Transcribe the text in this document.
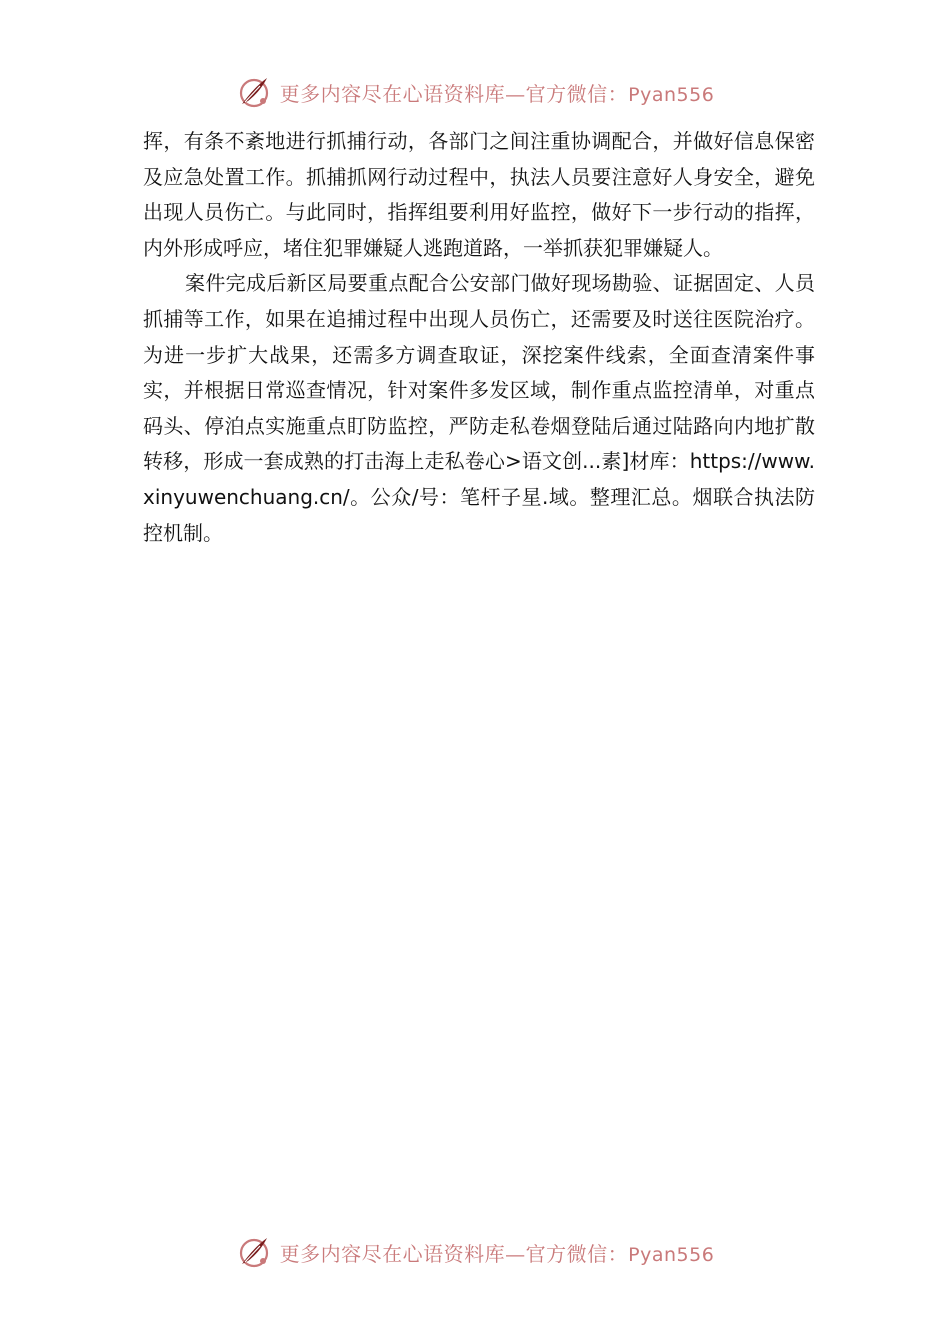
更多内容尽在心语资料库—官方微信：Pyan556

挥，有条不紊地进行抓捕行动，各部门之间注重协调配合，并做好信息保密及应急处置工作。抓捕抓网行动过程中，执法人员要注意好人身安全，避免出现人员伤亡。与此同时，指挥组要利用好监控，做好下一步行动的指挥，内外形成呼应，堵住犯罪嫌疑人逃跑道路，一举抓获犯罪嫌疑人。

案件完成后新区局要重点配合公安部门做好现场勘验、证据固定、人员抓捕等工作，如果在追捕过程中出现人员伤亡，还需要及时送往医院治疗。为进一步扩大战果，还需多方调查取证，深挖案件线索，全面查清案件事实，并根据日常巡查情况，针对案件多发区域，制作重点监控清单，对重点码头、停泊点实施重点盯防监控，严防走私卷烟登陆后通过陆路向内地扩散转移，形成一套成熟的打击海上走私卷心>语文创...素]材库：https://www.xinyuwenchuang.cn/。公众/号：笔杆子星.域。整理汇总。烟联合执法防控机制。

更多内容尽在心语资料库—官方微信：Pyan556
